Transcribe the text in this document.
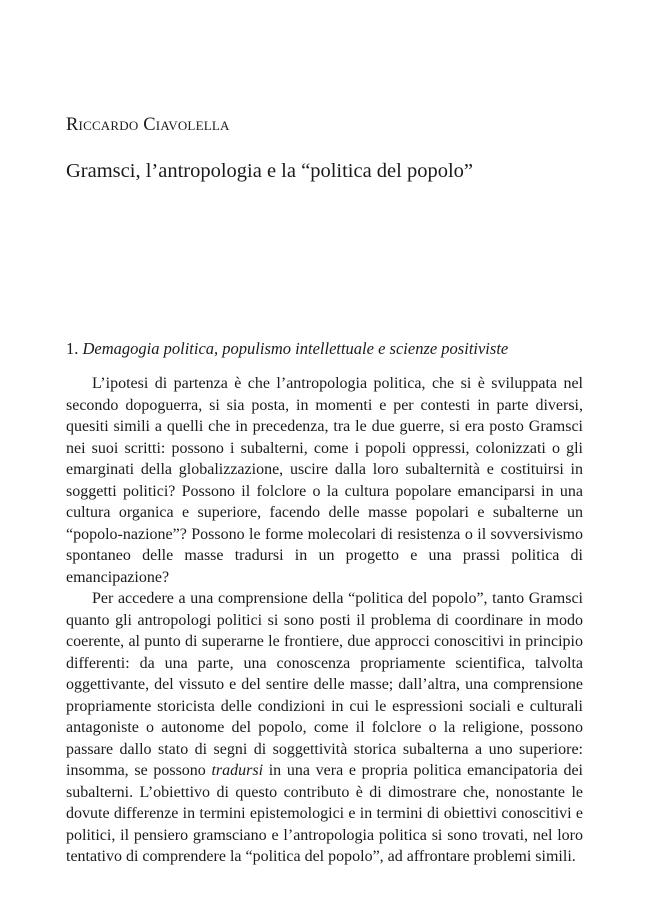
Riccardo Ciavolella
Gramsci, l’antropologia e la “politica del popolo”
1. Demagogia politica, populismo intellettuale e scienze positiviste

L’ipotesi di partenza è che l’antropologia politica, che si è sviluppata nel secondo dopoguerra, si sia posta, in momenti e per contesti in parte diversi, quesiti simili a quelli che in precedenza, tra le due guerre, si era posto Gramsci nei suoi scritti: possono i subalterni, come i popoli oppressi, colonizzati o gli emarginati della globalizzazione, uscire dalla loro subalternità e costituirsi in soggetti politici? Possono il folclore o la cultura popolare emanciparsi in una cultura organica e superiore, facendo delle masse popolari e subalterne un “popolo-nazione”? Possono le forme molecolari di resistenza o il sovversivismo spontaneo delle masse tradursi in un progetto e una prassi politica di emancipazione?

Per accedere a una comprensione della “politica del popolo”, tanto Gramsci quanto gli antropologi politici si sono posti il problema di coordinare in modo coerente, al punto di superarne le frontiere, due approcci conoscitivi in principio differenti: da una parte, una conoscenza propriamente scientifica, talvolta oggettivante, del vissuto e del sentire delle masse; dall’altra, una comprensione propriamente storicista delle condizioni in cui le espressioni sociali e culturali antagoniste o autonome del popolo, come il folclore o la religione, possono passare dallo stato di segni di soggettività storica subalterna a uno superiore: insomma, se possono tradursi in una vera e propria politica emancipatoria dei subalterni. L’obiettivo di questo contributo è di dimostrare che, nonostante le dovute differenze in termini epistemologici e in termini di obiettivi conoscitivi e politici, il pensiero gramsciano e l’antropologia politica si sono trovati, nel loro tentativo di comprendere la “politica del popolo”, ad affrontare problemi simili.
